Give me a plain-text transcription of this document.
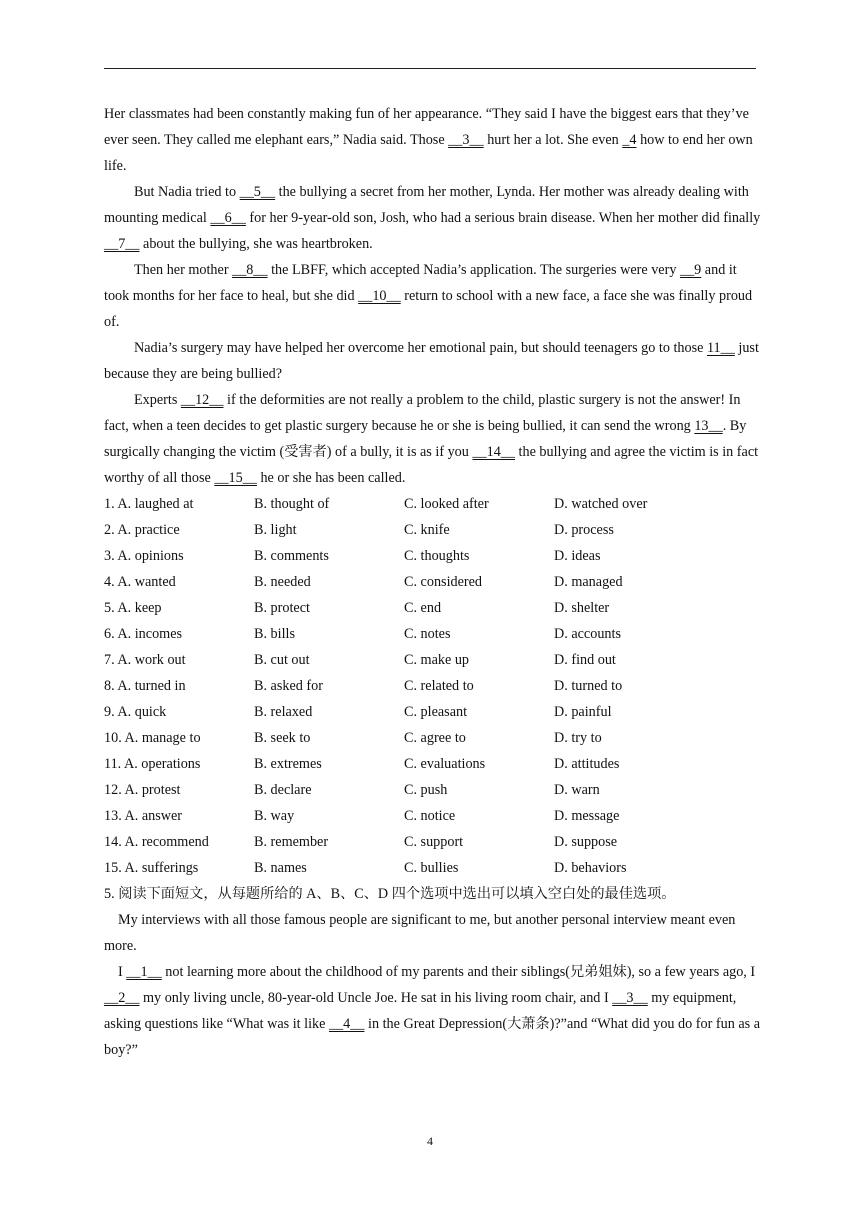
Her classmates had been constantly making fun of her appearance. “They said I have the biggest ears that they’ve ever seen. They called me elephant ears,” Nadia said. Those __3__ hurt her a lot. She even _4 how to end her own life.

But Nadia tried to __5__ the bullying a secret from her mother, Lynda. Her mother was already dealing with mounting medical __6__ for her 9-year-old son, Josh, who had a serious brain disease. When her mother did finally __7__ about the bullying, she was heartbroken.

Then her mother __8__ the LBFF, which accepted Nadia’s application. The surgeries were very __9 and it took months for her face to heal, but she did __10__ return to school with a new face, a face she was finally proud of.

Nadia’s surgery may have helped her overcome her emotional pain, but should teenagers go to those 11__ just because they are being bullied?

Experts __12__ if the deformities are not really a problem to the child, plastic surgery is not the answer! In fact, when a teen decides to get plastic surgery because he or she is being bullied, it can send the wrong 13__. By surgically changing the victim (受害者) of a bully, it is as if you __14__ the bullying and agree the victim is in fact worthy of all those __15__ he or she has been called.

1. A. laughed at	B. thought of	C. looked after	D. watched over
2. A. practice	B. light	C. knife	D. process
3. A. opinions	B. comments	C. thoughts	D. ideas
4. A. wanted	B. needed	C. considered	D. managed
5. A. keep	B. protect	C. end	D. shelter
6. A. incomes	B. bills	C. notes	D. accounts
7. A. work out	B. cut out	C. make up	D. find out
8. A. turned in	B. asked for	C. related to	D. turned to
9. A. quick	B. relaxed	C. pleasant	D. painful
10. A. manage to	B. seek to	C. agree to	D. try to
11. A. operations	B. extremes	C. evaluations	D. attitudes
12. A. protest	B. declare	C. push	D. warn
13. A. answer	B. way	C. notice	D. message
14. A. recommend	B. remember	C. support	D. suppose
15. A. sufferings	B. names	C. bullies	D. behaviors
5. 阅读下面短文，从每题所给的 A、B、C、D 四个选项中选出可以填入空白处的最佳选项。

My interviews with all those famous people are significant to me, but another personal interview meant even more.

I __1__ not learning more about the childhood of my parents and their siblings(兄弟姐妹), so a few years ago, I __2__ my only living uncle, 80-year-old Uncle Joe. He sat in his living room chair, and I __3__ my equipment, asking questions like “What was it like __4__ in the Great Depression(大萧条)?”and “What did you do for fun as a boy?”

4
